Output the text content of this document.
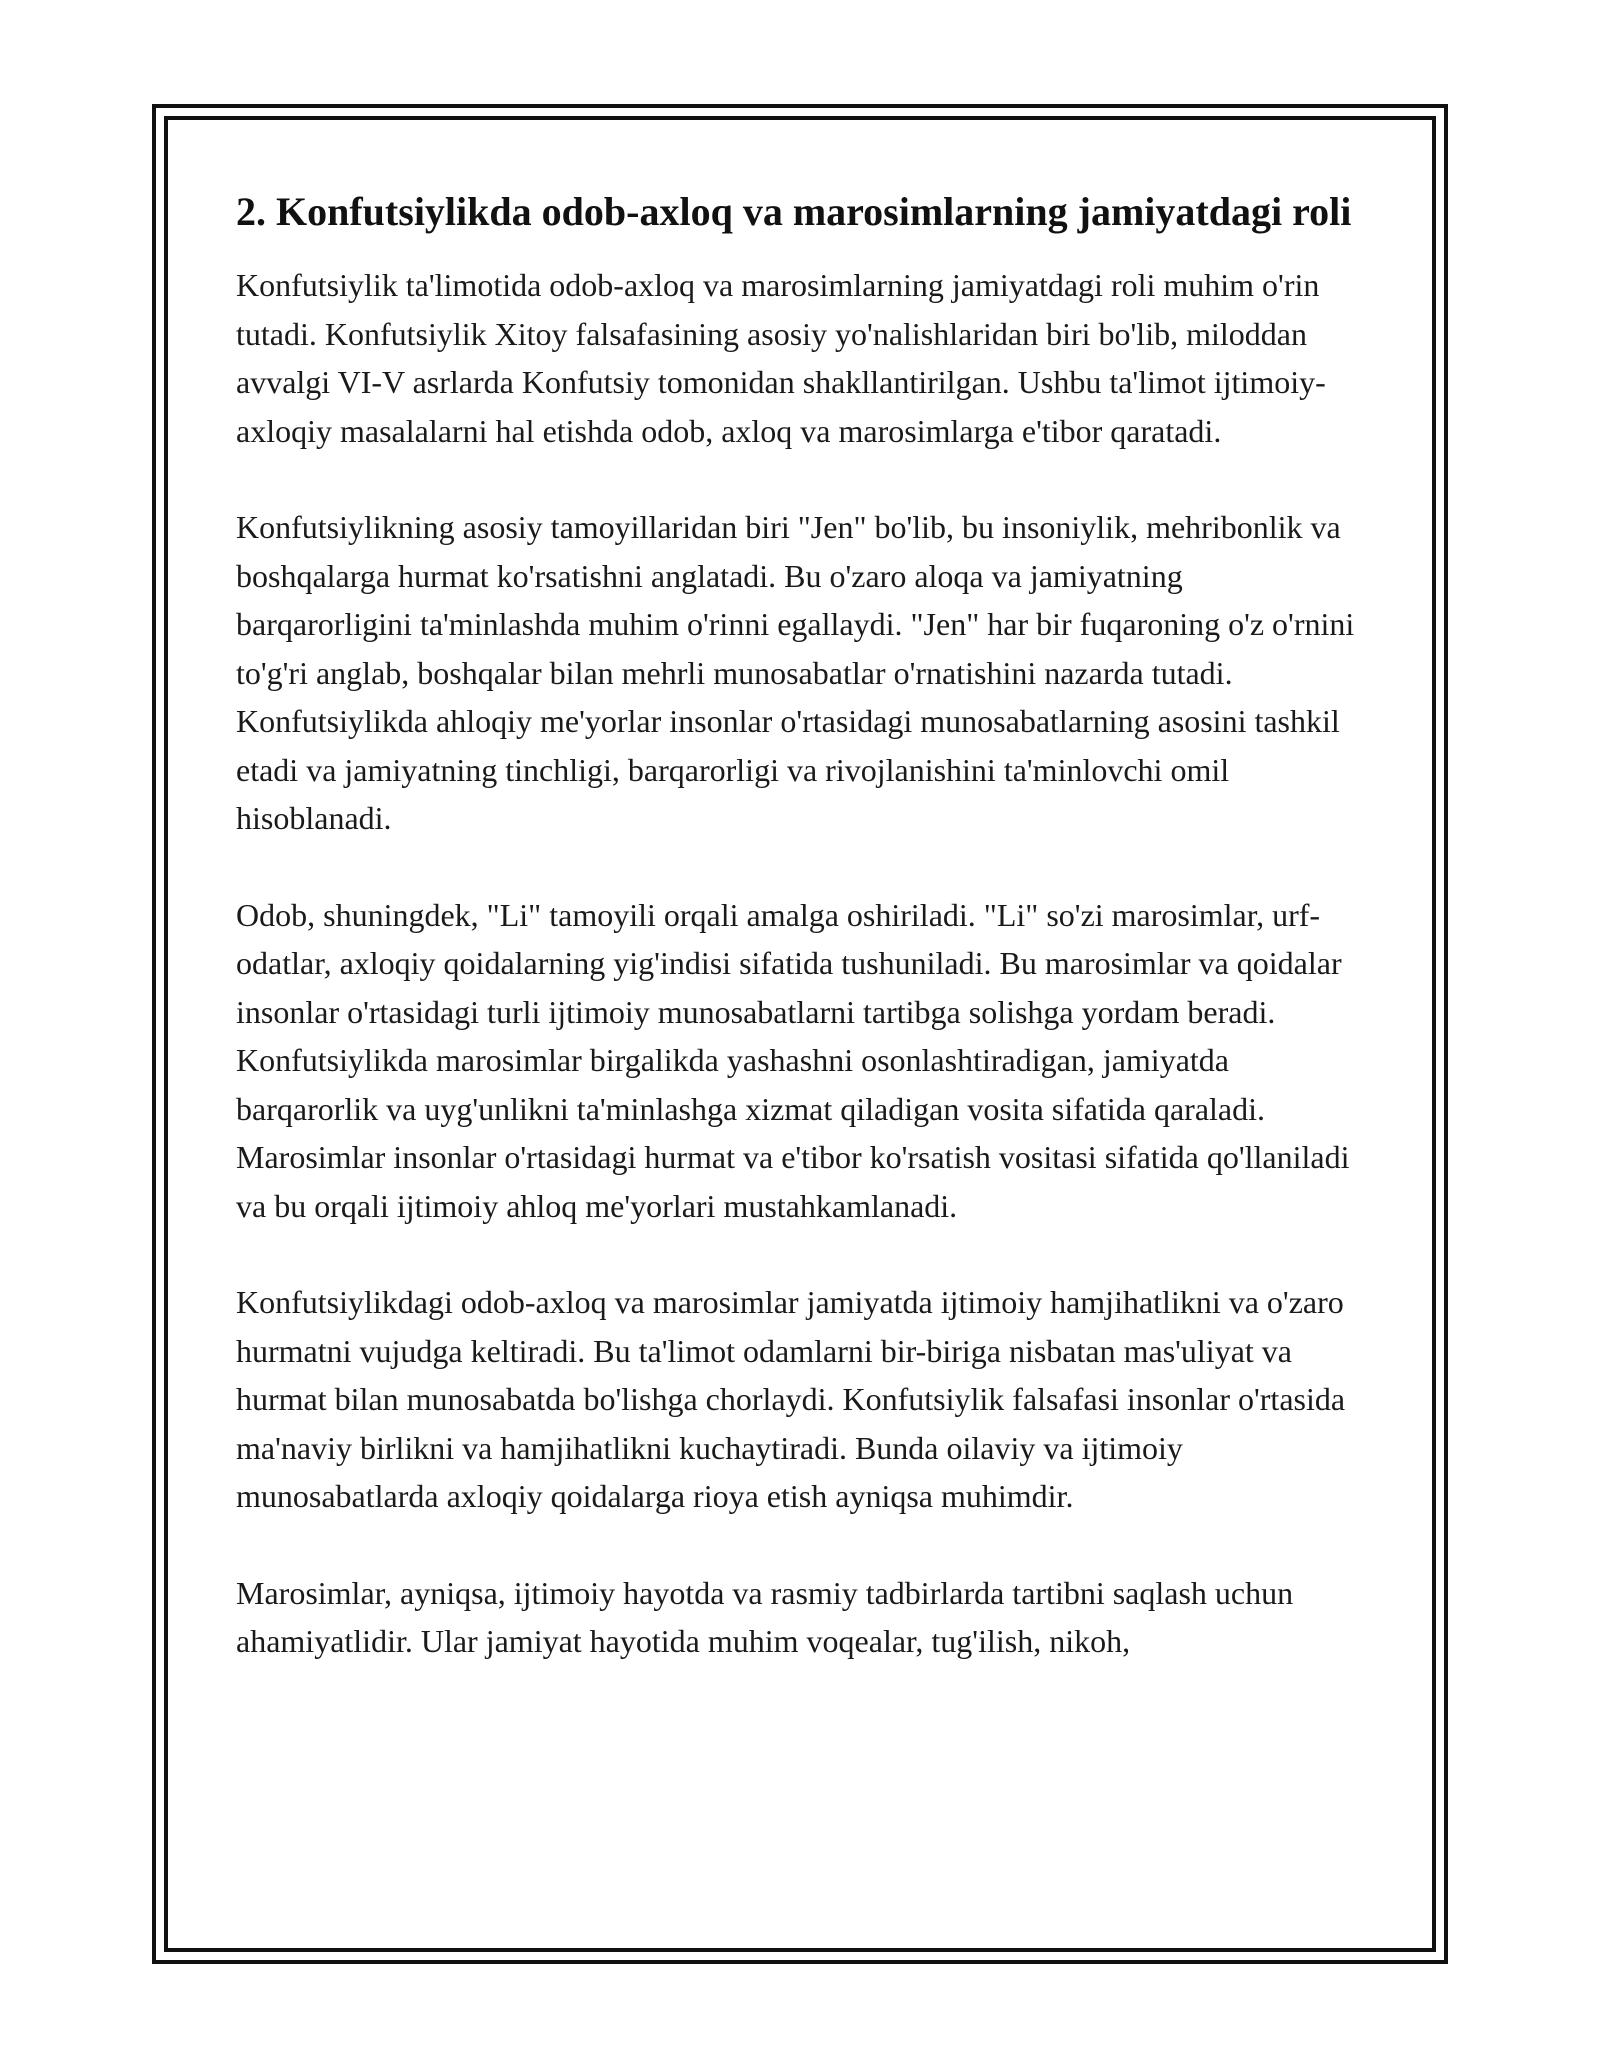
2. Konfutsiylikda odob-axloq va marosimlarning jamiyatdagi roli

Konfutsiylik ta'limotida odob-axloq va marosimlarning jamiyatdagi roli muhim o'rin tutadi. Konfutsiylik Xitoy falsafasining asosiy yo'nalishlaridan biri bo'lib, miloddan avvalgi VI-V asrlarda Konfutsiy tomonidan shakllantirilgan. Ushbu ta'limot ijtimoiy-axloqiy masalalarni hal etishda odob, axloq va marosimlarga e'tibor qaratadi.

Konfutsiylikning asosiy tamoyillaridan biri "Jen" bo'lib, bu insoniylik, mehribonlik va boshqalarga hurmat ko'rsatishni anglatadi. Bu o'zaro aloqa va jamiyatning barqarorligini ta'minlashda muhim o'rinni egallaydi. "Jen" har bir fuqaroning o'z o'rnini to'g'ri anglab, boshqalar bilan mehrli munosabatlar o'rnatishini nazarda tutadi. Konfutsiylikda ahloqiy me'yorlar insonlar o'rtasidagi munosabatlarning asosini tashkil etadi va jamiyatning tinchligi, barqarorligi va rivojlanishini ta'minlovchi omil hisoblanadi.

Odob, shuningdek, "Li" tamoyili orqali amalga oshiriladi. "Li" so'zi marosimlar, urf-odatlar, axloqiy qoidalarning yig'indisi sifatida tushuniladi. Bu marosimlar va qoidalar insonlar o'rtasidagi turli ijtimoiy munosabatlarni tartibga solishga yordam beradi. Konfutsiylikda marosimlar birgalikda yashashni osonlashtiradigan, jamiyatda barqarorlik va uyg'unlikni ta'minlashga xizmat qiladigan vosita sifatida qaraladi. Marosimlar insonlar o'rtasidagi hurmat va e'tibor ko'rsatish vositasi sifatida qo'llaniladi va bu orqali ijtimoiy ahloq me'yorlari mustahkamlanadi.

Konfutsiylikdagi odob-axloq va marosimlar jamiyatda ijtimoiy hamjihatlikni va o'zaro hurmatni vujudga keltiradi. Bu ta'limot odamlarni bir-biriga nisbatan mas'uliyat va hurmat bilan munosabatda bo'lishga chorlaydi. Konfutsiylik falsafasi insonlar o'rtasida ma'naviy birlikni va hamjihatlikni kuchaytiradi. Bunda oilaviy va ijtimoiy munosabatlarda axloqiy qoidalarga rioya etish ayniqsa muhimdir.

Marosimlar, ayniqsa, ijtimoiy hayotda va rasmiy tadbirlarda tartibni saqlash uchun ahamiyatlidir. Ular jamiyat hayotida muhim voqealar, tug'ilish, nikoh,
